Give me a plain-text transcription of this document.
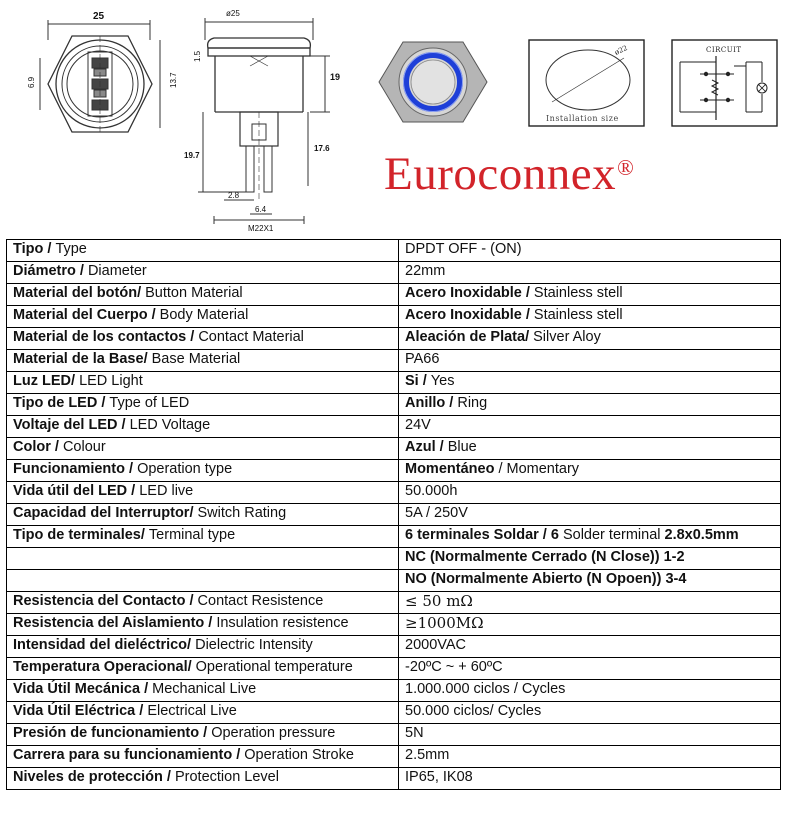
25
6.9	13.7
ø25
1.5
19
19.7
17.6
2.8
6.4
M22X1
ø22
Installation size
CIRCUIT
Euroconnex®
Tipo / Type	DPDT OFF - (ON)
Diámetro / Diameter	22mm
Material del botón/ Button Material	Acero Inoxidable / Stainless stell
Material del Cuerpo / Body Material	Acero Inoxidable / Stainless stell
Material de los contactos / Contact Material	Aleación de Plata/ Silver Aloy
Material de la Base/ Base Material	PA66
Luz LED/ LED Light	Si / Yes
Tipo de LED / Type of LED	Anillo / Ring
Voltaje del LED / LED Voltage	24V
Color / Colour	Azul / Blue
Funcionamiento / Operation type	Momentáneo / Momentary
Vida útil del LED / LED live	50.000h
Capacidad del Interruptor/ Switch Rating	5A / 250V
Tipo de terminales/ Terminal type	6 terminales Soldar / 6 Solder terminal 2.8x0.5mm
	NC (Normalmente Cerrado (N Close)) 1-2
	NO (Normalmente Abierto (N Opoen)) 3-4
Resistencia del Contacto / Contact Resistence	≤ 50 mΩ
Resistencia del Aislamiento / Insulation resistence	≥1000MΩ
Intensidad del dieléctrico/ Dielectric Intensity	2000VAC
Temperatura Operacional/ Operational temperature	-20ºC ~ + 60ºC
Vida Útil Mecánica / Mechanical Live	1.000.000 ciclos / Cycles
Vida Útil Eléctrica / Electrical Live	50.000 ciclos/ Cycles
Presión de funcionamiento / Operation pressure	5N
Carrera para su funcionamiento / Operation Stroke	2.5mm
Niveles de protección / Protection Level	IP65, IK08
